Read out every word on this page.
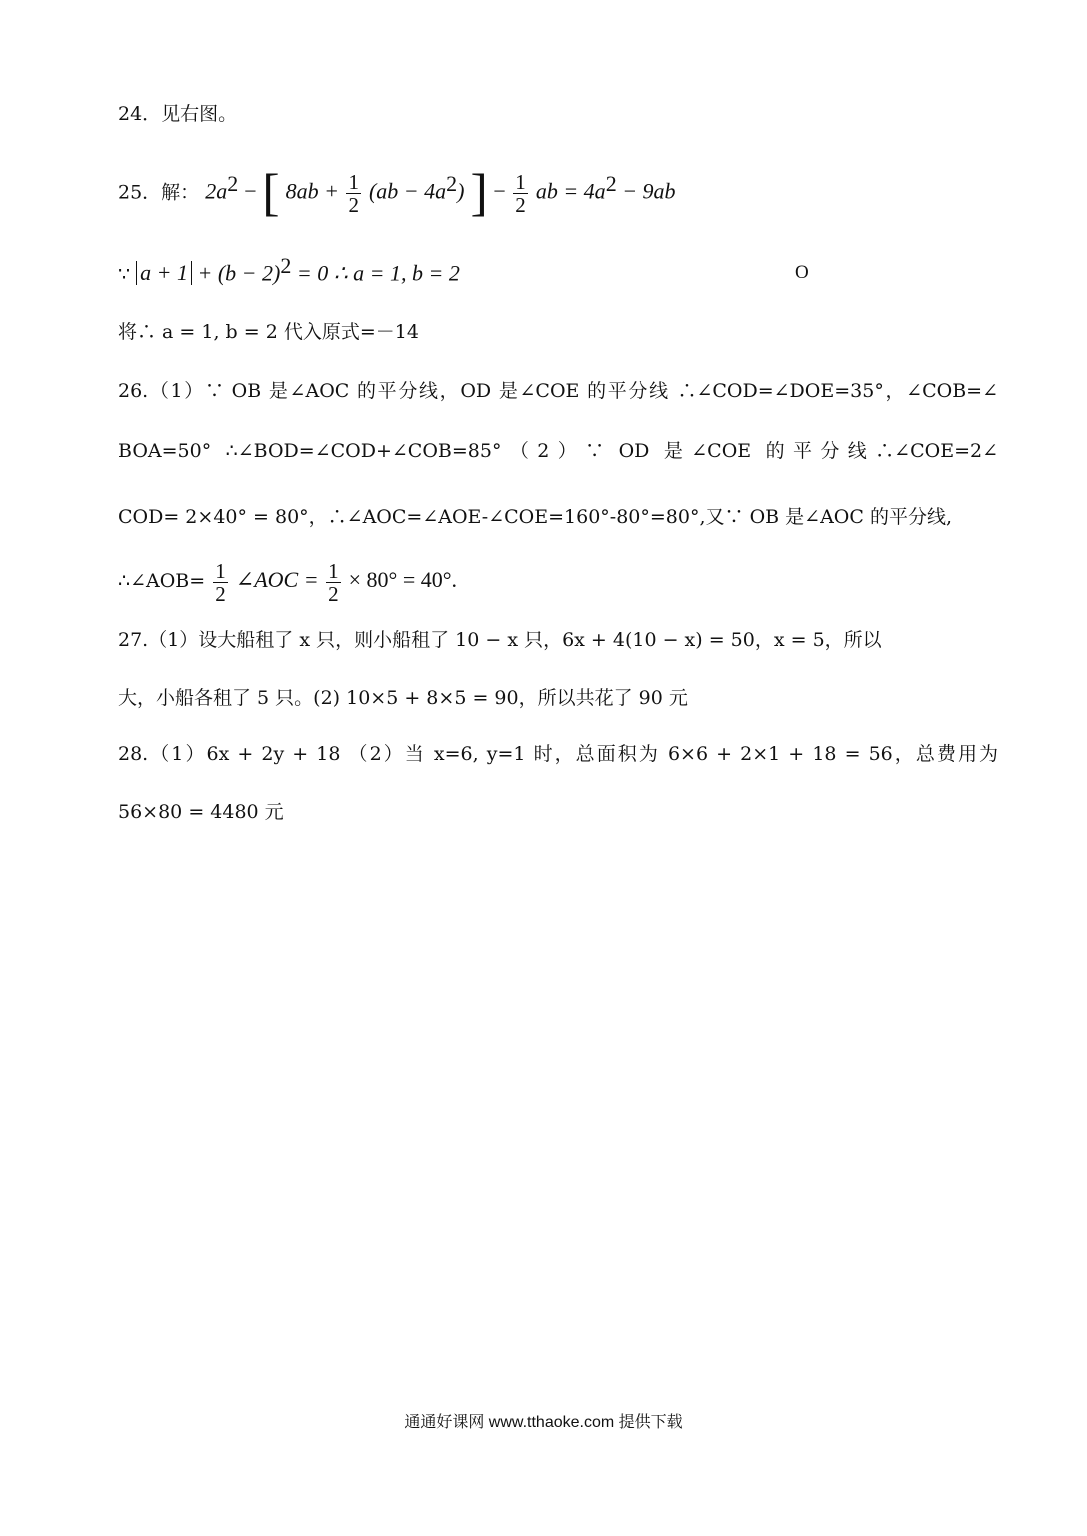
24．见右图。
25．解： $2a^2$ − [ $8ab + \frac{1}{2} (ab - 4a^2)$ ] − $\frac{1}{2}$ ab = $4a^2 - 9ab$
∵ $a + 1 + (b - 2)^2 = 0$ ∴ a = 1, b = 2	O
将∴ a = 1, b = 2 代入原式=－14
26.（1）∵ OB 是∠AOC 的平分线，OD 是∠COE 的平分线 ∴∠COD=∠DOE=35°，∠COB=∠
BOA=50° ∴∠BOD=∠COD+∠COB=85°（2）∵ OD 是∠COE 的平分线∴∠COE=2∠
COD= 2×40° = 80°，∴∠AOC=∠AOE-∠COE=160°-80°=80°,又∵ OB 是∠AOC 的平分线,
∴∠AOB= $\frac{1}{2}$ ∠AOC = $\frac{1}{2} \times 80^\circ = 40^\circ$.
27.（1）设大船租了 x 只，则小船租了 10 − x 只，6x + 4(10 − x) = 50，x = 5，所以
大，小船各租了 5 只。(2) 10×5 + 8×5 = 90，所以共花了 90 元
28.（1）6x + 2y + 18 （2）当 x=6, y=1 时，总面积为 6×6 + 2×1 + 18 = 56，总费用为
56×80 = 4480 元
通通好课网 www.tthaoke.com 提供下载
